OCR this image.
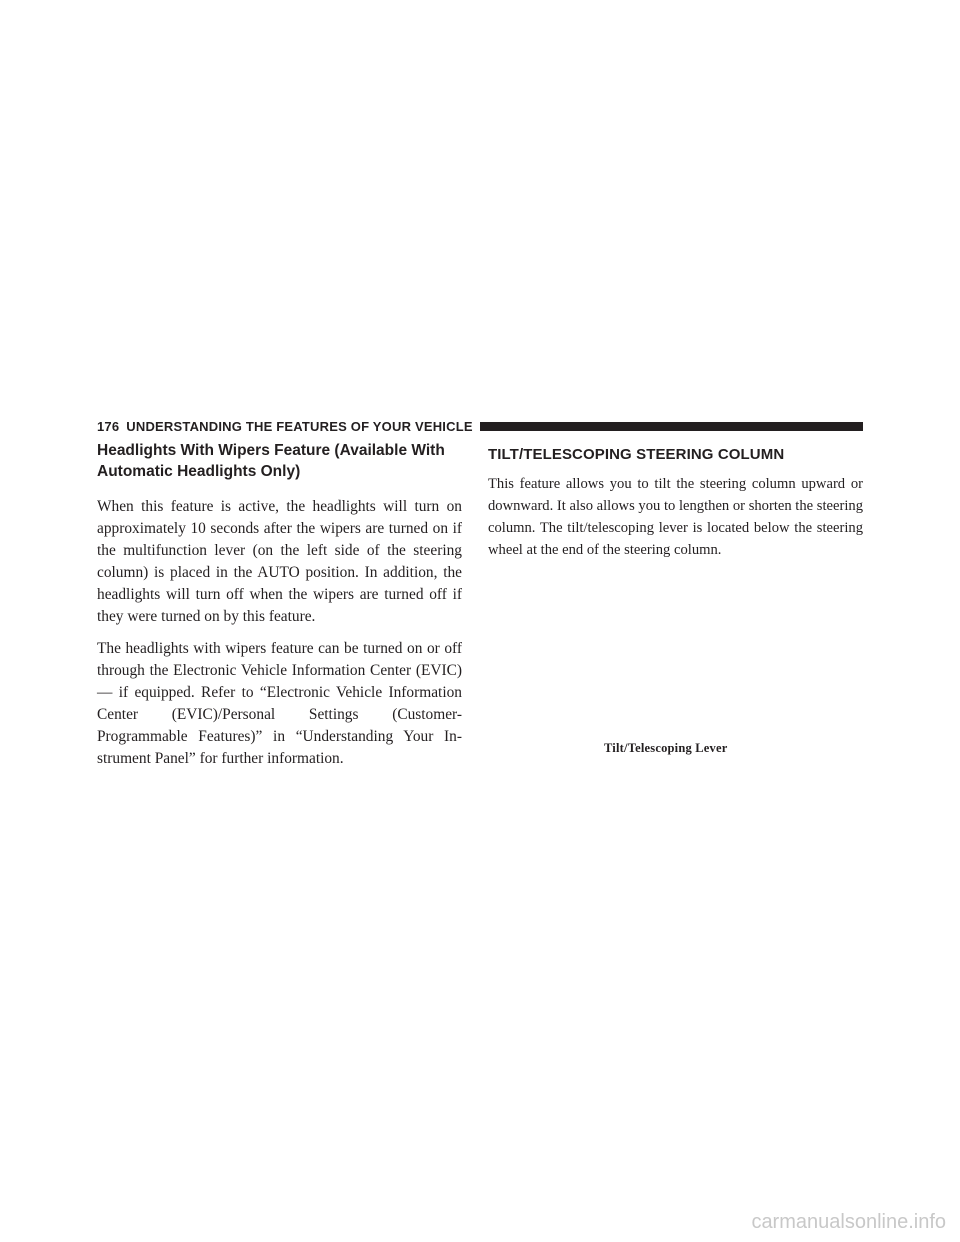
176 UNDERSTANDING THE FEATURES OF YOUR VEHICLE
Headlights With Wipers Feature (Available With
Automatic Headlights Only)

When this feature is active, the headlights will turn on approximately 10 seconds after the wipers are turned on if the multifunction lever (on the left side of the steering column) is placed in the AUTO position. In addition, the headlights will turn off when the wipers are turned off if they were turned on by this feature.

The headlights with wipers feature can be turned on or off through the Electronic Vehicle Information Center (EVIC) — if equipped. Refer to “Electronic Vehicle Information Center (EVIC)/Personal Settings (Customer-Programmable Features)” in “Understanding Your Instrument Panel” for further information.

TILT/TELESCOPING STEERING COLUMN

This feature allows you to tilt the steering column upward or downward. It also allows you to lengthen or shorten the steering column. The tilt/telescoping lever is located below the steering wheel at the end of the steering column.

Tilt/Telescoping Lever
carmanualsonline.info
